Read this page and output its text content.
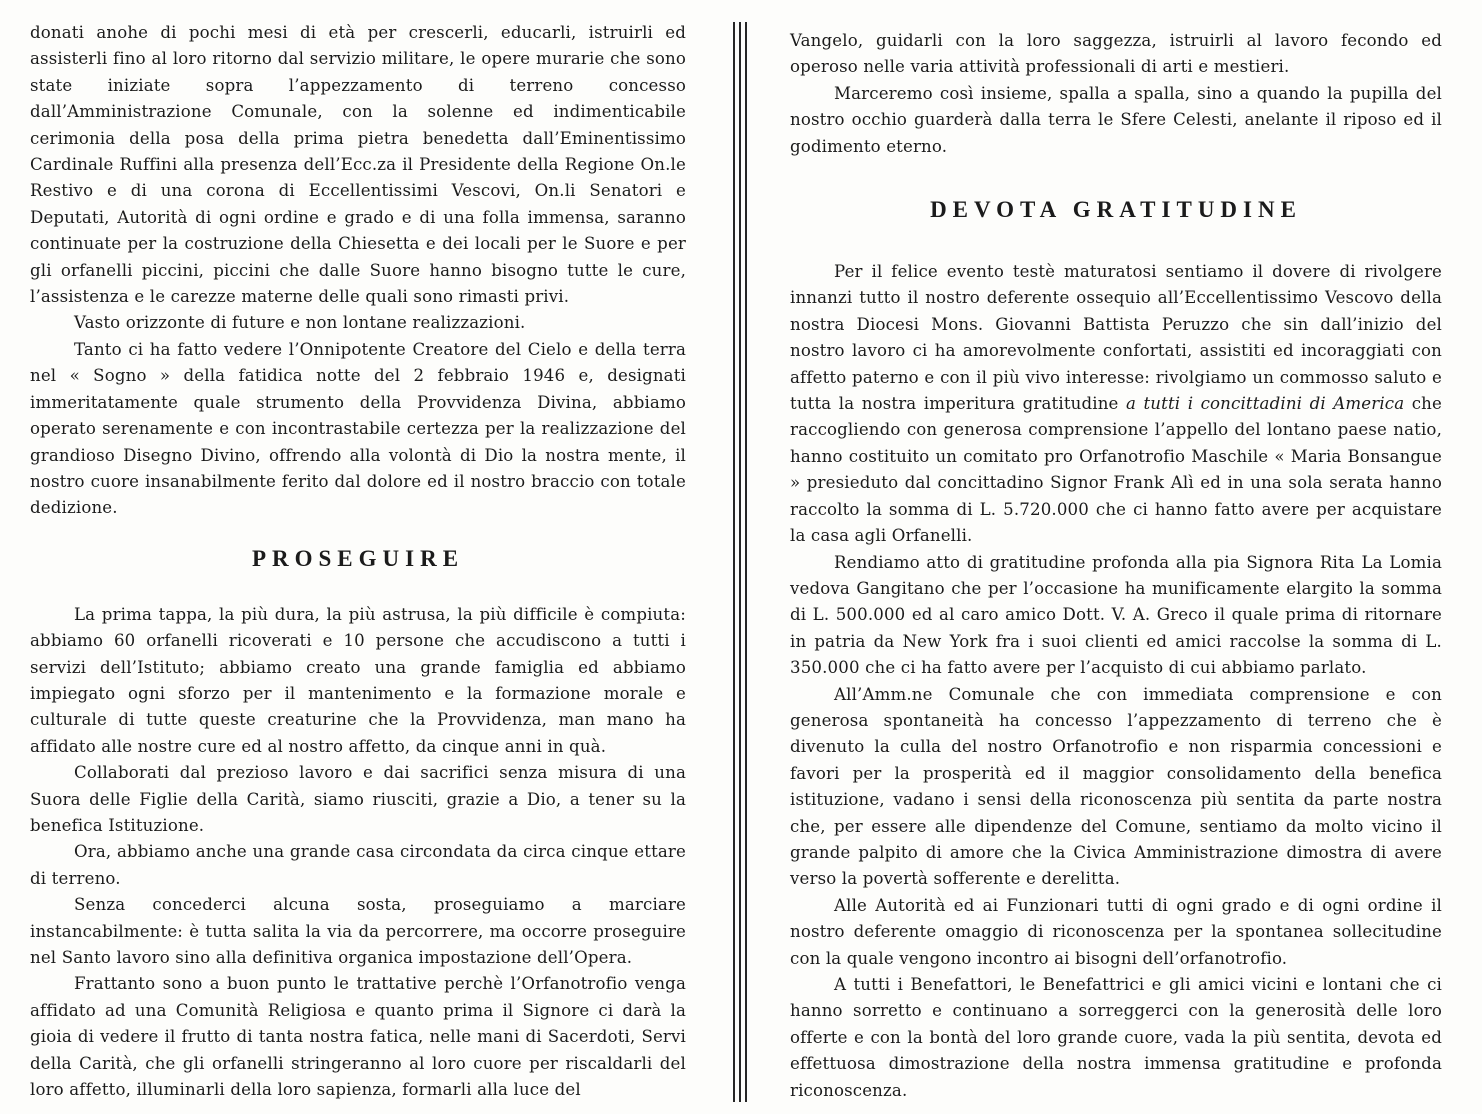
donati anohe di pochi mesi di età per crescerli, educarli, istruirli ed assisterli fino al loro ritorno dal servizio militare, le opere murarie che sono state iniziate sopra l’appezzamento di terreno concesso dall’Amministrazione Comunale, con la solenne ed indimenticabile cerimonia della posa della prima pietra benedetta dall’Eminentissimo Cardinale Ruffini alla presenza dell’Ecc.za il Presidente della Regione On.le Restivo e di una corona di Eccellentissimi Vescovi, On.li Senatori e Deputati, Autorità di ogni ordine e grado e di una folla immensa, saranno continuate per la costruzione della Chiesetta e dei locali per le Suore e per gli orfanelli piccini, piccini che dalle Suore hanno bisogno tutte le cure, l’assistenza e le carezze materne delle quali sono rimasti privi.

Vasto orizzonte di future e non lontane realizzazioni.

Tanto ci ha fatto vedere l’Onnipotente Creatore del Cielo e della terra nel « Sogno » della fatidica notte del 2 febbraio 1946 e, designati immeritatamente quale strumento della Provvidenza Divina, abbiamo operato serenamente e con incontrastabile certezza per la realizzazione del grandioso Disegno Divino, offrendo alla volontà di Dio la nostra mente, il nostro cuore insanabilmente ferito dal dolore ed il nostro braccio con totale dedizione.

PROSEGUIRE

La prima tappa, la più dura, la più astrusa, la più difficile è compiuta: abbiamo 60 orfanelli ricoverati e 10 persone che accudiscono a tutti i servizi dell’Istituto; abbiamo creato una grande famiglia ed abbiamo impiegato ogni sforzo per il mantenimento e la formazione morale e culturale di tutte queste creaturine che la Provvidenza, man mano ha affidato alle nostre cure ed al nostro affetto, da cinque anni in quà.

Collaborati dal prezioso lavoro e dai sacrifici senza misura di una Suora delle Figlie della Carità, siamo riusciti, grazie a Dio, a tener su la benefica Istituzione.

Ora, abbiamo anche una grande casa circondata da circa cinque ettare di terreno.

Senza concederci alcuna sosta, proseguiamo a marciare instancabilmente: è tutta salita la via da percorrere, ma occorre proseguire nel Santo lavoro sino alla definitiva organica impostazione dell’Opera.

Frattanto sono a buon punto le trattative perchè l’Orfanotrofio venga affidato ad una Comunità Religiosa e quanto prima il Signore ci darà la gioia di vedere il frutto di tanta nostra fatica, nelle mani di Sacerdoti, Servi della Carità, che gli orfanelli stringeranno al loro cuore per riscaldarli del loro affetto, illuminarli della loro sapienza, formarli alla luce del

Vangelo, guidarli con la loro saggezza, istruirli al lavoro fecondo ed operoso nelle varia attività professionali di arti e mestieri.

Marceremo così insieme, spalla a spalla, sino a quando la pupilla del nostro occhio guarderà dalla terra le Sfere Celesti, anelante il riposo ed il godimento eterno.

DEVOTA GRATITUDINE

Per il felice evento testè maturatosi sentiamo il dovere di rivolgere innanzi tutto il nostro deferente ossequio all’Eccellentissimo Vescovo della nostra Diocesi Mons. Giovanni Battista Peruzzo che sin dall’inizio del nostro lavoro ci ha amorevolmente confortati, assistiti ed incoraggiati con affetto paterno e con il più vivo interesse: rivolgiamo un commosso saluto e tutta la nostra imperitura gratitudine a tutti i concittadini di America che raccogliendo con generosa comprensione l’appello del lontano paese natio, hanno costituito un comitato pro Orfanotrofio Maschile « Maria Bonsangue » presieduto dal concittadino Signor Frank Alì ed in una sola serata hanno raccolto la somma di L. 5.720.000 che ci hanno fatto avere per acquistare la casa agli Orfanelli.

Rendiamo atto di gratitudine profonda alla pia Signora Rita La Lomia vedova Gangitano che per l’occasione ha munificamente elargito la somma di L. 500.000 ed al caro amico Dott. V. A. Greco il quale prima di ritornare in patria da New York fra i suoi clienti ed amici raccolse la somma di L. 350.000 che ci ha fatto avere per l’acquisto di cui abbiamo parlato.

All’Amm.ne Comunale che con immediata comprensione e con generosa spontaneità ha concesso l’appezzamento di terreno che è divenuto la culla del nostro Orfanotrofio e non risparmia concessioni e favori per la prosperità ed il maggior consolidamento della benefica istituzione, vadano i sensi della riconoscenza più sentita da parte nostra che, per essere alle dipendenze del Comune, sentiamo da molto vicino il grande palpito di amore che la Civica Amministrazione dimostra di avere verso la povertà sofferente e derelitta.

Alle Autorità ed ai Funzionari tutti di ogni grado e di ogni ordine il nostro deferente omaggio di riconoscenza per la spontanea sollecitudine con la quale vengono incontro ai bisogni dell’orfanotrofio.

A tutti i Benefattori, le Benefattrici e gli amici vicini e lontani che ci hanno sorretto e continuano a sorreggerci con la generosità delle loro offerte e con la bontà del loro grande cuore, vada la più sentita, devota ed effettuosa dimostrazione della nostra immensa gratitudine e profonda riconoscenza.
